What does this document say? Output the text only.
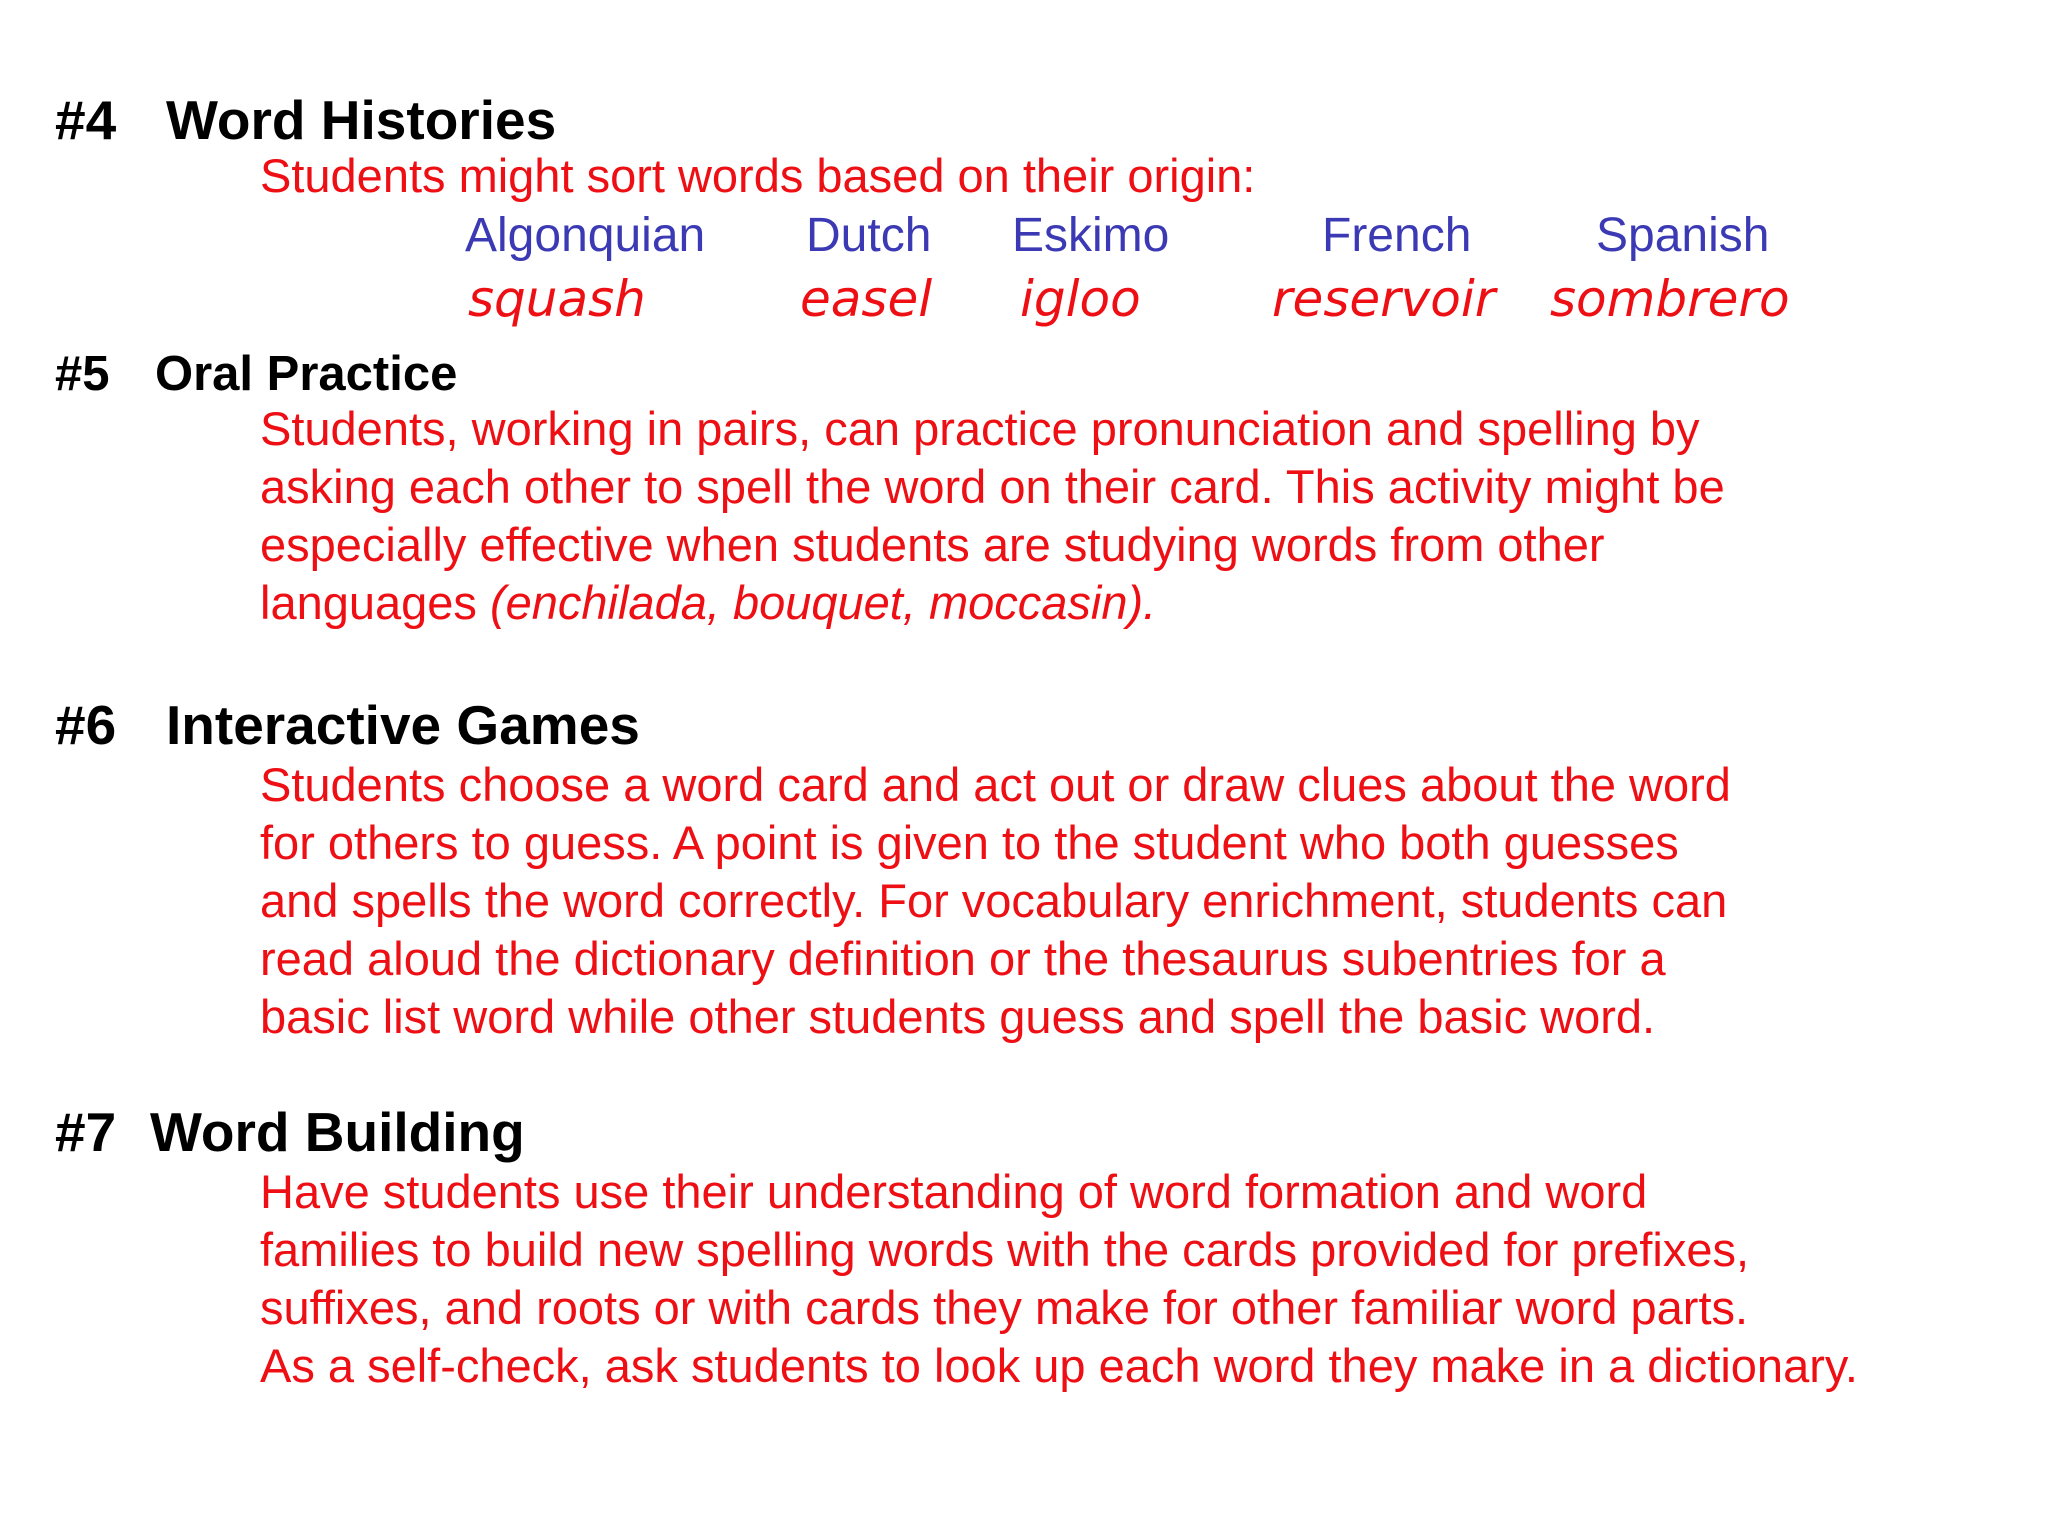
#4 Word Histories
Students might sort words based on their origin:
Algonquian Dutch Eskimo	French	Spanish
squash	easel igloo	reservoir sombrero
#5 Oral Practice
Students, working in pairs, can practice pronunciation and spelling by
asking each other to spell the word on their card. This activity might be
especially effective when students are studying words from other
languages (enchilada, bouquet, moccasin).
#6 Interactive Games
Students choose a word card and act out or draw clues about the word
for others to guess. A point is given to the student who both guesses
and spells the word correctly. For vocabulary enrichment, students can
read aloud the dictionary definition or the thesaurus subentries for a
basic list word while other students guess and spell the basic word.
#7 Word Building
Have students use their understanding of word formation and word
families to build new spelling words with the cards provided for prefixes,
suffixes, and roots or with cards they make for other familiar word parts.
As a self-check, ask students to look up each word they make in a dictionary.
